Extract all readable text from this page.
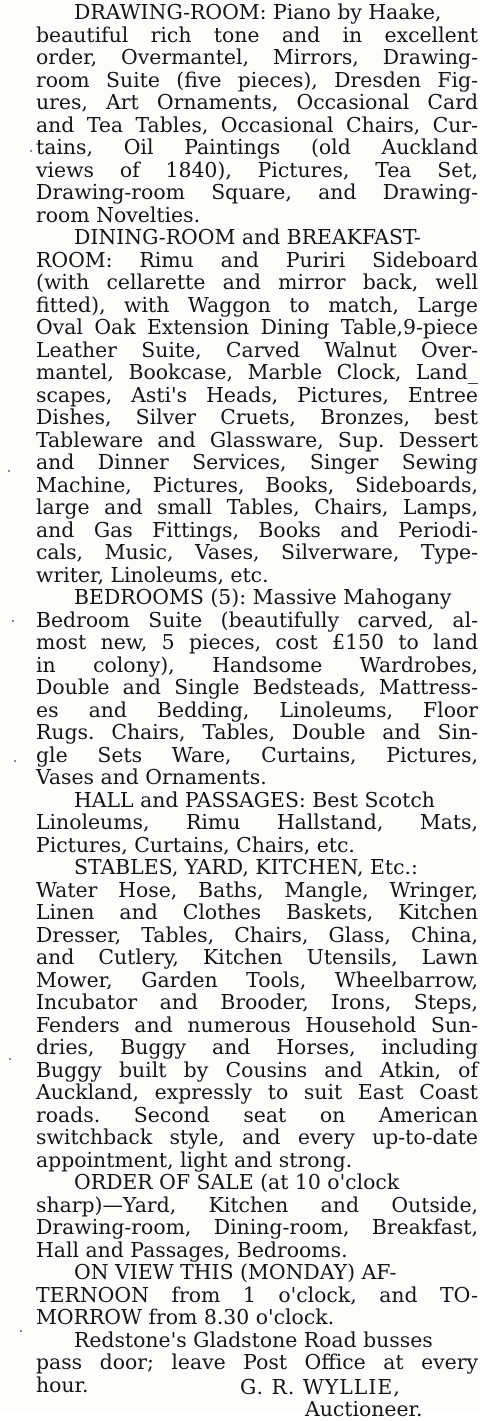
DRAWING-ROOM: Piano by Haake,
beautiful rich tone and in excellent
order, Overmantel, Mirrors, Drawing-
room Suite (five pieces), Dresden Fig-
ures, Art Ornaments, Occasional Card
and Tea Tables, Occasional Chairs, Cur-
tains, Oil Paintings (old Auckland
views of 1840), Pictures, Tea Set,
Drawing-room Square, and Drawing-
room Novelties.
DINING-ROOM and BREAKFAST-
ROOM: Rimu and Puriri Sideboard
(with cellarette and mirror back, well
fitted), with Waggon to match, Large
Oval Oak Extension Dining Table,9-piece
Leather Suite, Carved Walnut Over-
mantel, Bookcase, Marble Clock, Land_
scapes, Asti's Heads, Pictures, Entree
Dishes, Silver Cruets, Bronzes, best
Tableware and Glassware, Sup. Dessert
and Dinner Services, Singer Sewing
Machine, Pictures, Books, Sideboards,
large and small Tables, Chairs, Lamps,
and Gas Fittings, Books and Periodi-
cals, Music, Vases, Silverware, Type-
writer, Linoleums, etc.
BEDROOMS (5): Massive Mahogany
Bedroom Suite (beautifully carved, al-
most new, 5 pieces, cost £150 to land
in colony), Handsome Wardrobes,
Double and Single Bedsteads, Mattress-
es and Bedding, Linoleums, Floor
Rugs. Chairs, Tables, Double and Sin-
gle Sets Ware, Curtains, Pictures,
Vases and Ornaments.
HALL and PASSAGES: Best Scotch
Linoleums, Rimu Hallstand, Mats,
Pictures, Curtains, Chairs, etc.
STABLES, YARD, KITCHEN, Etc.:
Water Hose, Baths, Mangle, Wringer,
Linen and Clothes Baskets, Kitchen
Dresser, Tables, Chairs, Glass, China,
and Cutlery, Kitchen Utensils, Lawn
Mower, Garden Tools, Wheelbarrow,
Incubator and Brooder, Irons, Steps,
Fenders and numerous Household Sun-
dries, Buggy and Horses, including
Buggy built by Cousins and Atkin, of
Auckland, expressly to suit East Coast
roads. Second seat on American
switchback style, and every up-to-date
appointment, light and strong.
ORDER OF SALE (at 10 o'clock
sharp)—Yard, Kitchen and Outside,
Drawing-room, Dining-room, Breakfast,
Hall and Passages, Bedrooms.
ON VIEW THIS (MONDAY) AF-
TERNOON from 1 o'clock, and TO-
MORROW from 8.30 o'clock.
Redstone's Gladstone Road busses
pass door; leave Post Office at every
hour.	G. R. WYLLIE,
Auctioneer.
